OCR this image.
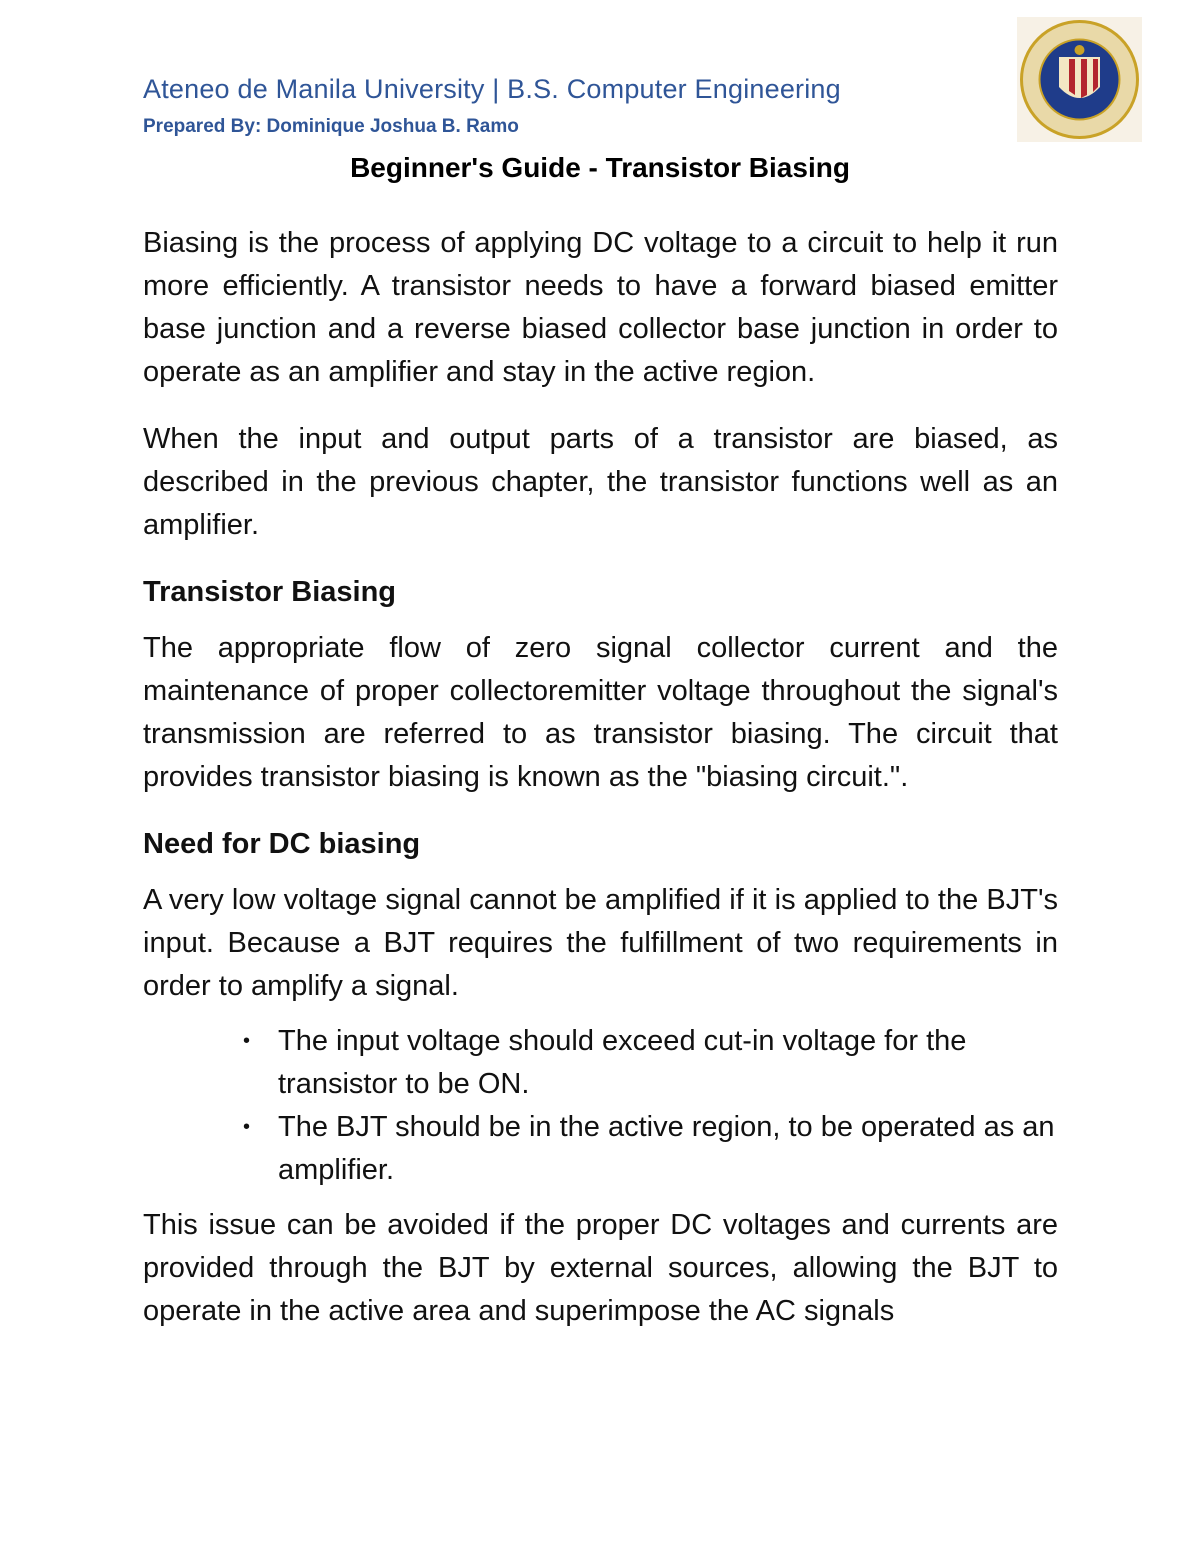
Ateneo de Manila University | B.S. Computer Engineering
Prepared By: Dominique Joshua B. Ramo
Beginner's Guide - Transistor Biasing

Biasing is the process of applying DC voltage to a circuit to help it run more efficiently. A transistor needs to have a forward biased emitter base junction and a reverse biased collector base junction in order to operate as an amplifier and stay in the active region.

When the input and output parts of a transistor are biased, as described in the previous chapter, the transistor functions well as an amplifier.

Transistor Biasing

The appropriate flow of zero signal collector current and the maintenance of proper collectoremitter voltage throughout the signal's transmission are referred to as transistor biasing. The circuit that provides transistor biasing is known as the "biasing circuit.".

Need for DC biasing

A very low voltage signal cannot be amplified if it is applied to the BJT's input. Because a BJT requires the fulfillment of two requirements in order to amplify a signal.

• The input voltage should exceed cut-in voltage for the transistor to be ON.
• The BJT should be in the active region, to be operated as an amplifier.

This issue can be avoided if the proper DC voltages and currents are provided through the BJT by external sources, allowing the BJT to operate in the active area and superimpose the AC signals
